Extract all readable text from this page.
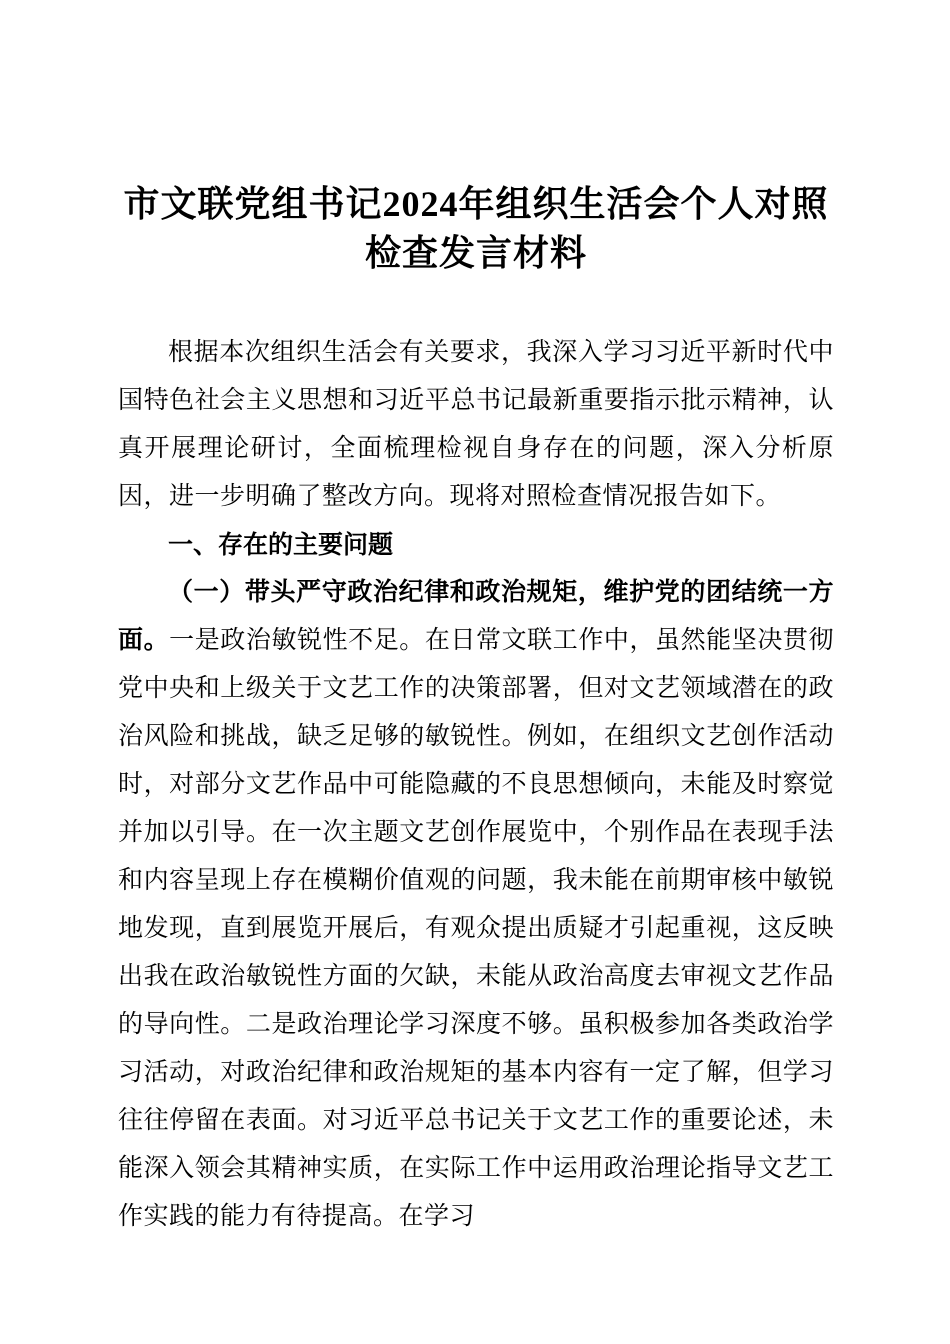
市文联党组书记2024年组织生活会个人对照检查发言材料

根据本次组织生活会有关要求，我深入学习习近平新时代中国特色社会主义思想和习近平总书记最新重要指示批示精神，认真开展理论研讨，全面梳理检视自身存在的问题，深入分析原因，进一步明确了整改方向。现将对照检查情况报告如下。

一、存在的主要问题

（一）带头严守政治纪律和政治规矩，维护党的团结统一方面。一是政治敏锐性不足。在日常文联工作中，虽然能坚决贯彻党中央和上级关于文艺工作的决策部署，但对文艺领域潜在的政治风险和挑战，缺乏足够的敏锐性。例如，在组织文艺创作活动时，对部分文艺作品中可能隐藏的不良思想倾向，未能及时察觉并加以引导。在一次主题文艺创作展览中，个别作品在表现手法和内容呈现上存在模糊价值观的问题，我未能在前期审核中敏锐地发现，直到展览开展后，有观众提出质疑才引起重视，这反映出我在政治敏锐性方面的欠缺，未能从政治高度去审视文艺作品的导向性。二是政治理论学习深度不够。虽积极参加各类政治学习活动，对政治纪律和政治规矩的基本内容有一定了解，但学习往往停留在表面。对习近平总书记关于文艺工作的重要论述，未能深入领会其精神实质，在实际工作中运用政治理论指导文艺工作实践的能力有待提高。在学习
